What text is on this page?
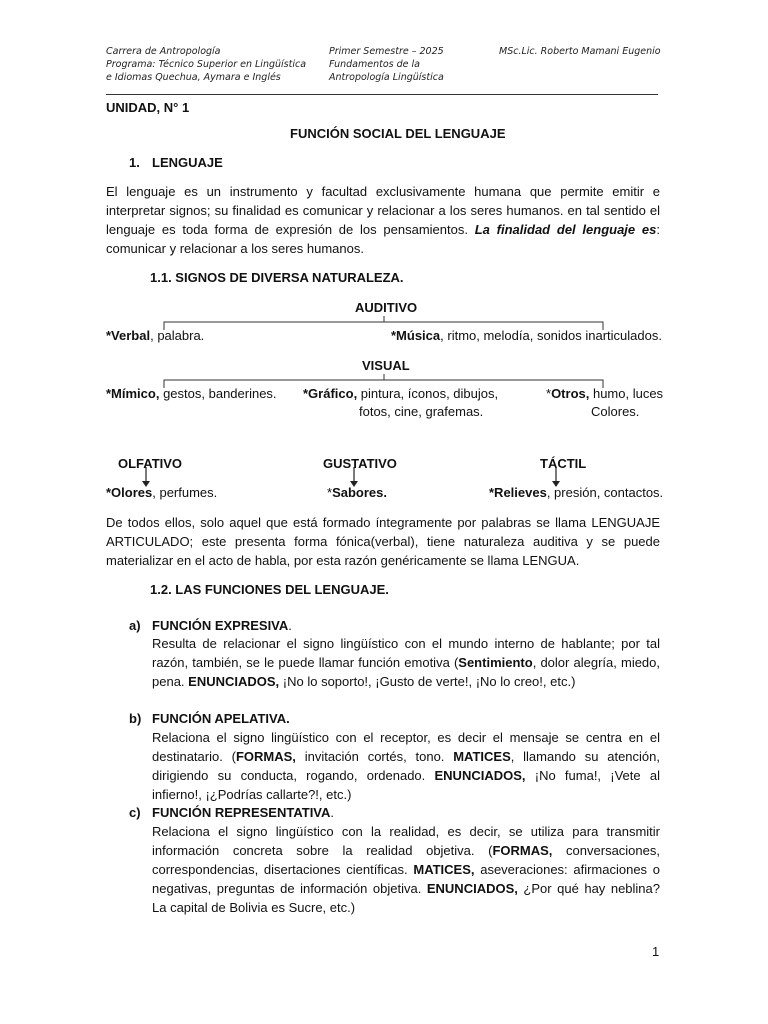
Carrera de Antropología
Programa: Técnico Superior en Lingüística
e Idiomas Quechua, Aymara e Inglés
Primer Semestre – 2025
Fundamentos de la
Antropología Lingüística
MSc.Lic. Roberto Mamani Eugenio
UNIDAD, N° 1
FUNCIÓN SOCIAL DEL LENGUAJE
1. LENGUAJE
El lenguaje es un instrumento y facultad exclusivamente humana que permite emitir e interpretar signos; su finalidad es comunicar y relacionar a los seres humanos. en tal sentido el lenguaje es toda forma de expresión de los pensamientos. La finalidad del lenguaje es: comunicar y relacionar a los seres humanos.
1.1. SIGNOS DE DIVERSA NATURALEZA.
AUDITIVO
*Verbal, palabra.	*Música, ritmo, melodía, sonidos inarticulados.
VISUAL
*Mímico, gestos, banderines. *Gráfico, pintura, íconos, dibujos,
fotos, cine, grafemas.
*Otros, humo, luces
Colores.
OLFATIVO	GUSTATIVO	TÁCTIL
*Olores, perfumes.	*Sabores.	*Relieves, presión, contactos.
De todos ellos, solo aquel que está formado íntegramente por palabras se llama LENGUAJE ARTICULADO; este presenta forma fónica(verbal), tiene naturaleza auditiva y se puede materializar en el acto de habla, por esta razón genéricamente se llama LENGUA.
1.2. LAS FUNCIONES DEL LENGUAJE.
a) FUNCIÓN EXPRESIVA.
Resulta de relacionar el signo lingüístico con el mundo interno de hablante; por tal razón, también, se le puede llamar función emotiva (Sentimiento, dolor alegría, miedo, pena. ENUNCIADOS, ¡No lo soporto!, ¡Gusto de verte!, ¡No lo creo!, etc.)
b) FUNCIÓN APELATIVA.
Relaciona el signo lingüístico con el receptor, es decir el mensaje se centra en el destinatario. (FORMAS, invitación cortés, tono. MATICES, llamando su atención, dirigiendo su conducta, rogando, ordenado. ENUNCIADOS, ¡No fuma!, ¡Vete al infierno!, ¡¿Podrías callarte?!, etc.)
c) FUNCIÓN REPRESENTATIVA.
Relaciona el signo lingüístico con la realidad, es decir, se utiliza para transmitir información concreta sobre la realidad objetiva. (FORMAS, conversaciones, correspondencias, disertaciones científicas. MATICES, aseveraciones: afirmaciones o negativas, preguntas de información objetiva. ENUNCIADOS, ¿Por qué hay neblina? La capital de Bolivia es Sucre, etc.)
1
